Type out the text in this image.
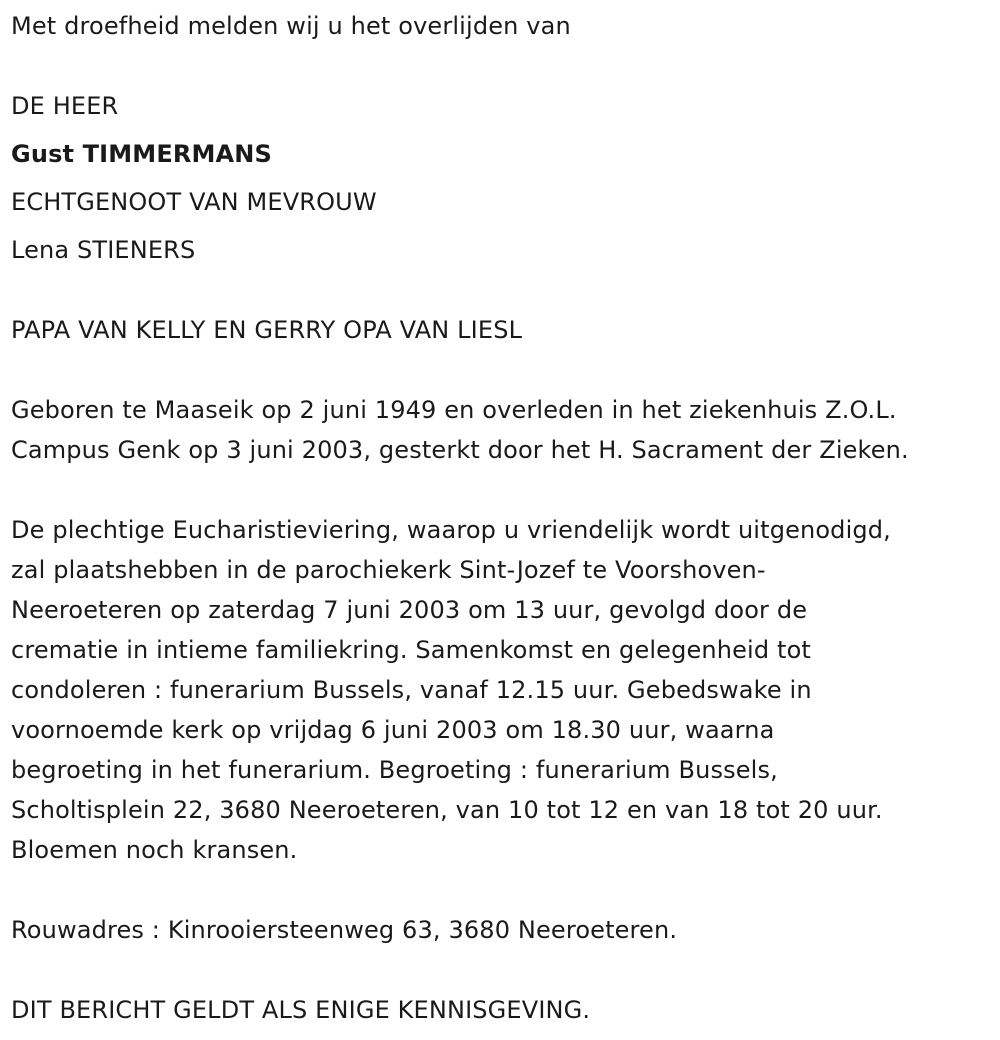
Met droefheid melden wij u het overlijden van
DE HEER
Gust TIMMERMANS
ECHTGENOOT VAN MEVROUW
Lena STIENERS
PAPA VAN KELLY EN GERRY OPA VAN LIESL
Geboren te Maaseik op 2 juni 1949 en overleden in het ziekenhuis Z.O.L.
Campus Genk op 3 juni 2003, gesterkt door het H. Sacrament der Zieken.
De plechtige Eucharistieviering, waarop u vriendelijk wordt uitgenodigd,
zal plaatshebben in de parochiekerk Sint-Jozef te Voorshoven-
Neeroeteren op zaterdag 7 juni 2003 om 13 uur, gevolgd door de
crematie in intieme familiekring. Samenkomst en gelegenheid tot
condoleren : funerarium Bussels, vanaf 12.15 uur. Gebedswake in
voornoemde kerk op vrijdag 6 juni 2003 om 18.30 uur, waarna
begroeting in het funerarium. Begroeting : funerarium Bussels,
Scholtisplein 22, 3680 Neeroeteren, van 10 tot 12 en van 18 tot 20 uur.
Bloemen noch kransen.
Rouwadres : Kinrooiersteenweg 63, 3680 Neeroeteren.
DIT BERICHT GELDT ALS ENIGE KENNISGEVING.
